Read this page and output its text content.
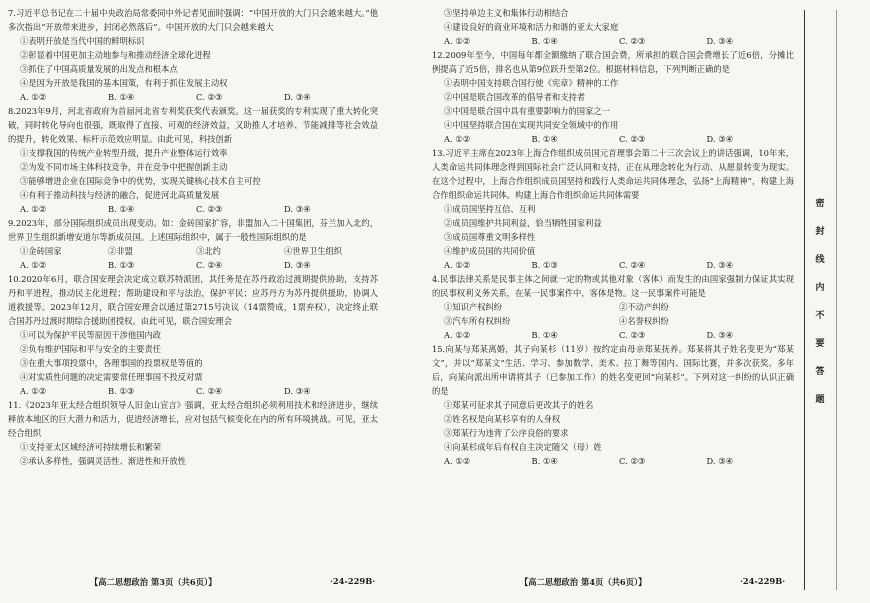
7.习近平总书记在二十届中央政治局常委同中外记者见面时强调：“中国开放的大门只会越来越大。”他多次指出“开放带来进步，封闭必然落后”。中国开放的大门只会越来越大

①表明开放是当代中国的鲜明标识
②彰显着中国更加主动地参与和推动经济全球化进程
③抓住了中国高质量发展的出发点和根本点
④是因为开放是我国的基本国策，有利于抓住发展主动权
A. ①②	B. ①④	C. ②③	D. ③④

8.2023年9月，河北省政府为首届河北省专利奖获奖代表颁奖。这一届获奖的专利实现了重大转化突破，同时转化导向也很强，既取得了直接、可观的经济效益，又助推人才培养、节能减排等社会效益的提升，转化效果、标杆示范效应明显。由此可见，科技创新

①支撑我国的传统产业转型升级，提升产业整体运行效率
②为发不同市场主体科技竞争，并在竞争中把握创新主动
③能够增进企业在国际竞争中的优势，实现关键核心技术自主可控
④有利于推动科技与经济的融合，促进河北高质量发展
A. ①②	B. ①④	C. ②③	D. ③④

9.2023年，部分国际组织成员出现变动。如：金砖国家扩容，非盟加入二十国集团，芬兰加入北约，世界卫生组织新增安道尔等新成员国。上述国际组织中，属于一般性国际组织的是

①金砖国家	②非盟	③北约	④世界卫生组织
A. ①②	B. ①③	C. ②④	D. ③④

10.2020年6月，联合国安理会决定成立联苏特派团，其任务是在苏丹政治过渡期提供协助，支持苏丹和平进程，推动民主化进程；帮助建设和平与法治，保护平民；应苏丹方为苏丹提供援助，协调人道救援等。2023年12月，联合国安理会以通过第2715号决议（14票赞成，1票弃权），决定终止联合国苏丹过渡时期综合援助团授权。由此可见，联合国安理会

①可以为保护平民等原因干涉他国内政
②负有维护国际和平与安全的主要责任
③在重大事项投票中，各理事国的投票权是等值的
④对实质性问题的决定需要常任理事国不投反对票
A. ①②	B. ①③	C. ②④	D. ③④

11.《2023年亚太经合组织领导人旧金山宣言》强调，亚太经合组织必须利用技术和经济进步，继续释放本地区的巨大潜力和活力，促进经济增长，应对包括气候变化在内的所有环境挑战。可见，亚太经合组织

①支持亚太区域经济可持续增长和繁荣
②承认多样性，强调灵活性、渐进性和开放性
【高二思想政治 第3页（共6页）】	·24-229B·
③坚持单边主义和集体行动相结合
④建设良好的商业环境和活力和谐的亚太大家庭
A. ①②	B. ①④	C. ②③	D. ③④

12.2009年至今，中国每年都全额缴纳了联合国会费，所承担的联合国会费增长了近6倍，分摊比例提高了近5倍，排名也从第9位跃升至第2位。根据材料信息，下列判断正确的是

①表明中国支持联合国行使《宪章》精神的工作
②中国是联合国改革的倡导者和支持者
③中国是联合国中具有重要影响力的国家之一
④中国坚持联合国在实现共同安全领域中的作用
A. ①②	B. ①④	C. ②③	D. ③④

13.习近平主席在2023年上海合作组织成员国元首理事会第二十三次会议上的讲话强调，10年来，人类命运共同体理念得到国际社会广泛认同和支持，正在从理念转化为行动、从愿景转变为现实。在这个过程中，上海合作组织成员国坚持和践行人类命运共同体理念，弘扬“上海精神”，构建上海合作组织命运共同体。构建上海合作组织命运共同体需要

①成员国坚持互信、互利
②成员国维护共同利益，恰当牺牲国家利益
③成员国尊重文明多样性
④维护成员国的共同价值
A. ①②	B. ①③	C. ②④	D. ③④

4.民事法律关系是民事主体之间就一定的物或其他对象（客体）而发生的由国家强制力保证其实现的民事权利义务关系，在某一民事案件中，客体是物。这一民事案件可能是

①知识产权纠纷	②不动产纠纷
③汽车所有权纠纷	④名誉权纠纷
A. ①②	B. ①④	C. ②③	D. ③④

15.向某与郑某离婚，其子向某杉（11岁）按约定由母亲郑某抚养。郑某将其子姓名变更为“郑某文”，并以“郑某文”生活、学习、参加数学、美术、拉丁舞等国内、国际比赛，并多次获奖。多年后，向某向派出所申请将其子（已参加工作）的姓名变更回“向某杉”。下列对这一纠纷的认识正确的是

①郑某可征求其子同意后更改其子的姓名
②姓名权是向某杉享有的人身权
③郑某行为违背了公序良俗的要求
④向某杉成年后有权自主决定随父（母）姓
A. ①②	B. ①④	C. ②③	D. ③④
【高二思想政治 第4页（共6页）】	·24-229B·
密
封
线
内
不
要
答
题
